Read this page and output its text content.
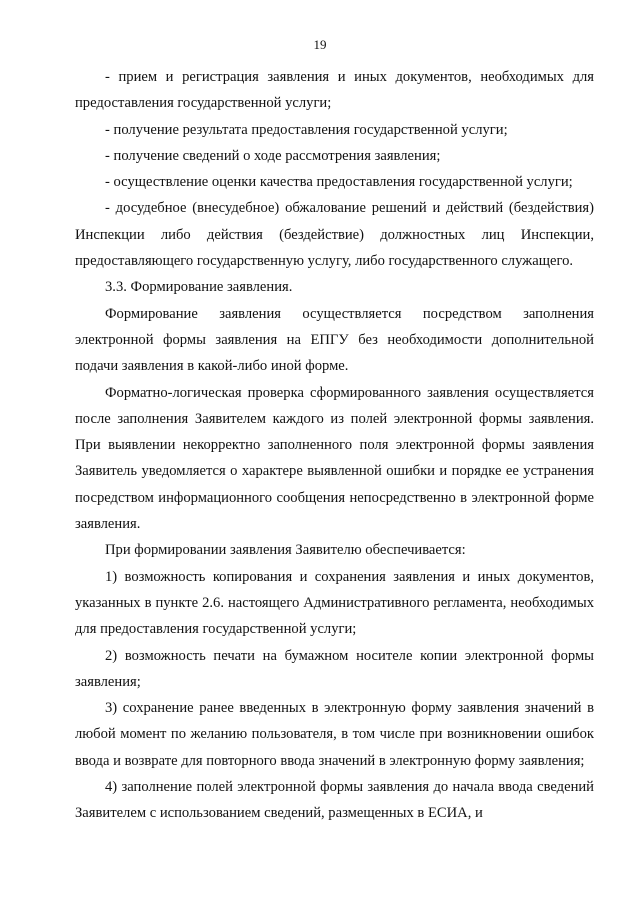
19

- прием и регистрация заявления и иных документов, необходимых для предоставления государственной услуги;

- получение результата предоставления государственной услуги;

- получение сведений о ходе рассмотрения заявления;

- осуществление оценки качества предоставления государственной услуги;

- досудебное (внесудебное) обжалование решений и действий (бездействия) Инспекции либо действия (бездействие) должностных лиц Инспекции, предоставляющего государственную услугу, либо государственного служащего.

3.3. Формирование заявления.

Формирование заявления осуществляется посредством заполнения электронной формы заявления на ЕПГУ без необходимости дополнительной подачи заявления в какой-либо иной форме.

Форматно-логическая проверка сформированного заявления осуществляется после заполнения Заявителем каждого из полей электронной формы заявления. При выявлении некорректно заполненного поля электронной формы заявления Заявитель уведомляется о характере выявленной ошибки и порядке ее устранения посредством информационного сообщения непосредственно в электронной форме заявления.

При формировании заявления Заявителю обеспечивается:

1) возможность копирования и сохранения заявления и иных документов, указанных в пункте 2.6. настоящего Административного регламента, необходимых для предоставления государственной услуги;

2) возможность печати на бумажном носителе копии электронной формы заявления;

3) сохранение ранее введенных в электронную форму заявления значений в любой момент по желанию пользователя, в том числе при возникновении ошибок ввода и возврате для повторного ввода значений в электронную форму заявления;

4) заполнение полей электронной формы заявления до начала ввода сведений Заявителем с использованием сведений, размещенных в ЕСИА, и
